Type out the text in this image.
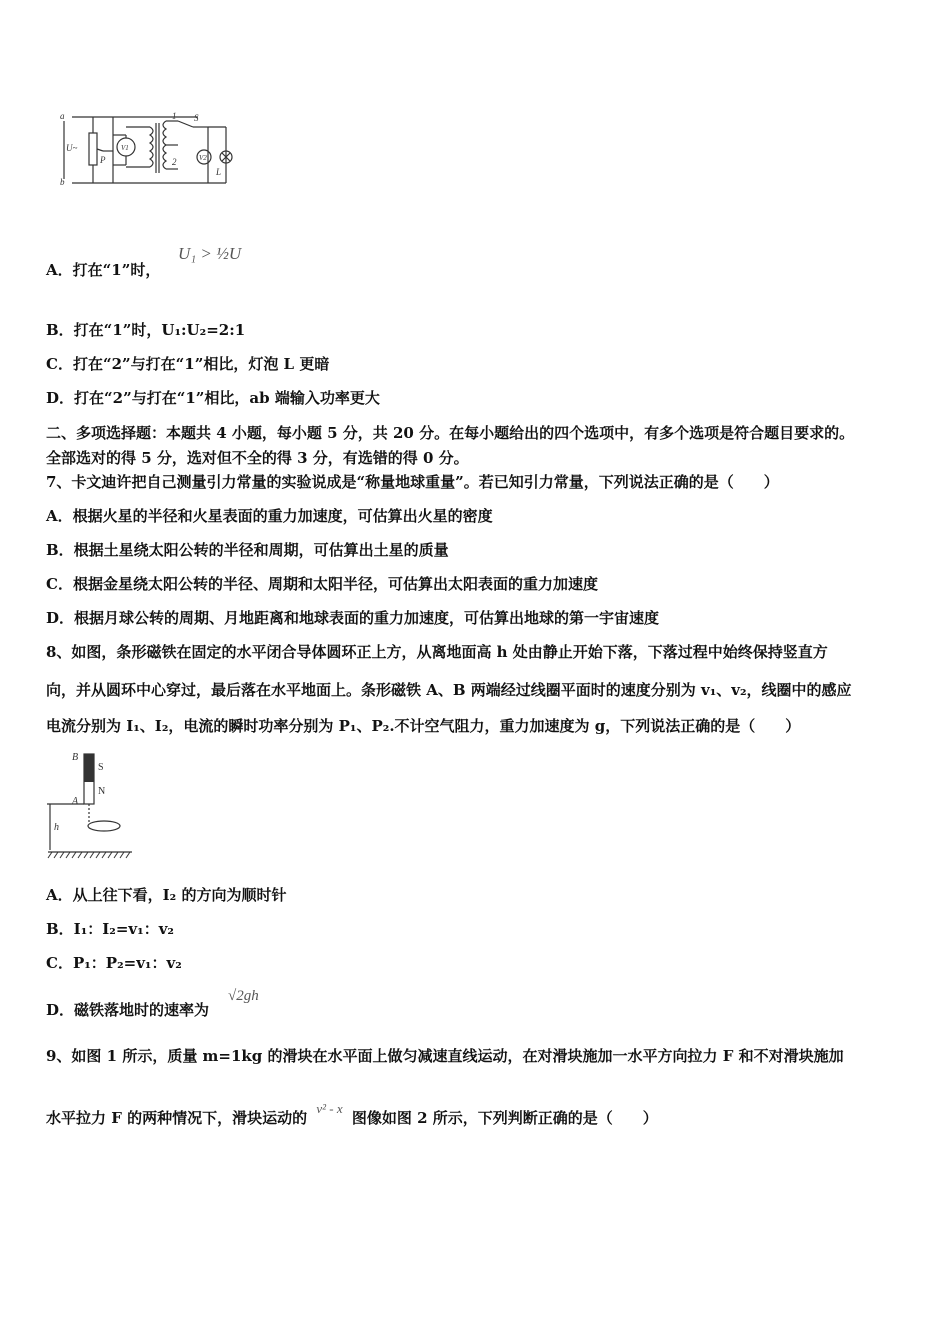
a
b
U~
P
V1
V2
1
2
S
L
A．打在“1”时，
U₁ > ½U
B．打在“1”时，U₁:U₂=2:1
C．打在“2”与打在“1”相比，灯泡 L 更暗
D．打在“2”与打在“1”相比，ab 端输入功率更大
二、多项选择题：本题共 4 小题，每小题 5 分，共 20 分。在每小题给出的四个选项中，有多个选项是符合题目要求的。
全部选对的得 5 分，选对但不全的得 3 分，有选错的得 0 分。
7、卡文迪许把自己测量引力常量的实验说成是“称量地球重量”。若已知引力常量，下列说法正确的是（　　）
A．根据火星的半径和火星表面的重力加速度，可估算出火星的密度
B．根据土星绕太阳公转的半径和周期，可估算出土星的质量
C．根据金星绕太阳公转的半径、周期和太阳半径，可估算出太阳表面的重力加速度
D．根据月球公转的周期、月地距离和地球表面的重力加速度，可估算出地球的第一宇宙速度
8、如图，条形磁铁在固定的水平闭合导体圆环正上方，从离地面高 h 处由静止开始下落，下落过程中始终保持竖直方
向，并从圆环中心穿过，最后落在水平地面上。条形磁铁 A、B 两端经过线圈平面时的速度分别为 v₁、v₂，线圈中的感应
电流分别为 I₁、I₂，电流的瞬时功率分别为 P₁、P₂.不计空气阻力，重力加速度为 g，下列说法正确的是（　　）
B
S
N
A
h
A．从上往下看，I₂ 的方向为顺时针
B．I₁：I₂=v₁：v₂
C．P₁：P₂=v₁：v₂
D．磁铁落地时的速率为
√2gh
9、如图 1 所示，质量 m=1kg 的滑块在水平面上做匀减速直线运动，在对滑块施加一水平方向拉力 F 和不对滑块施加
水平拉力 F 的两种情况下，滑块运动的 v² - x 图像如图 2 所示，下列判断正确的是（　　）
